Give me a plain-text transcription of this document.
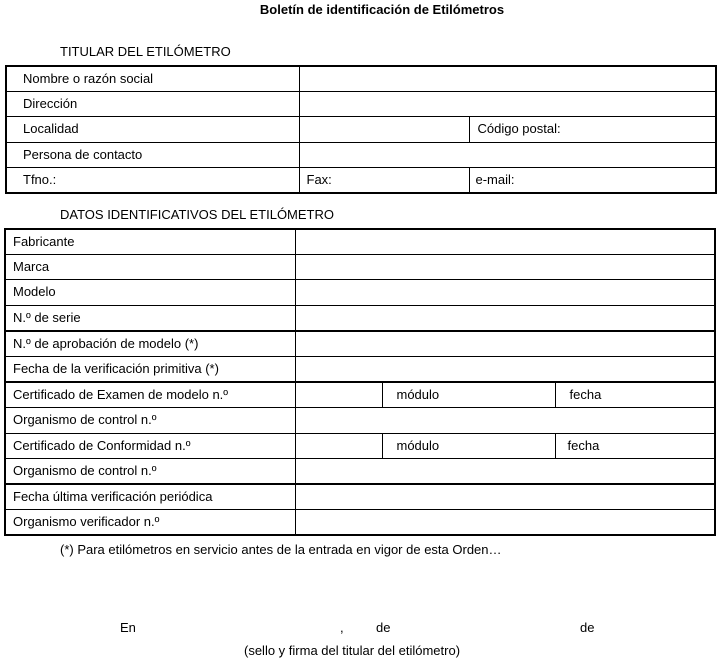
Boletín de identificación de Etilómetros
TITULAR DEL ETILÓMETRO
Nombre o razón social		
Dirección		
Localidad		Código postal:
Persona de contacto		
Tfno.:	Fax:	e-mail:
DATOS IDENTIFICATIVOS DEL ETILÓMETRO
Fabricante			
Marca			
Modelo			
N.º de serie			
N.º de aprobación de modelo (*)			
Fecha de la verificación primitiva (*)			
Certificado de Examen de modelo n.º		módulo	fecha
Organismo de control n.º			
Certificado de Conformidad n.º		módulo	fecha
Organismo de control n.º			
Fecha última verificación periódica			
Organismo verificador n.º			
(*) Para etilómetros en servicio antes de la entrada en vigor de esta Orden…
En	, de	de
(sello y firma del titular del etilómetro)
